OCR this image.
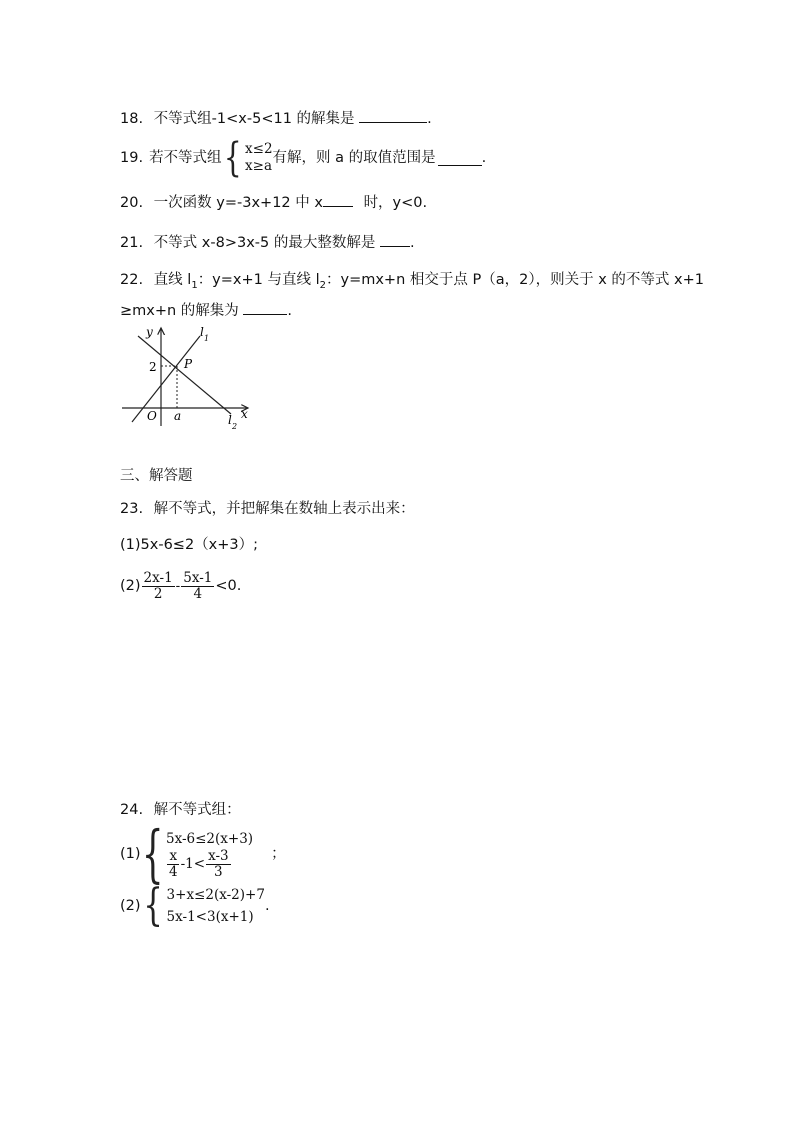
18. 不等式组-1<x-5<11 的解集是	.
19. 若不等式组 { x≤2
x≥a 有解，则 a 的取值范围是	.
20. 一次函数 y=-3x+12 中 x	时，y<0.
21. 不等式 x-8>3x-5 的最大整数解是 .
22. 直线 $l_1$：y=x+1 与直线 $l_2$：y=mx+n 相交于点 P（a，2），则关于 x 的不等式 x+1
≥mx+n 的解集为	.
y
x
O a
2 P
l 1
l 2
三、解答题
23. 解不等式，并把解集在数轴上表示出来：
(1)5x-6≤2（x+3）;
$(2) \frac{2x-1}{2} - \frac{5x-1}{4} <0$.
24. 解不等式组：
(1) { 5x-6≤2(x+3)
$\frac{x}{4} -1< \frac{x-3}{3}$	；
(2) { 3+x≤2(x-2)+7
5x-1<3(x+1)
.
